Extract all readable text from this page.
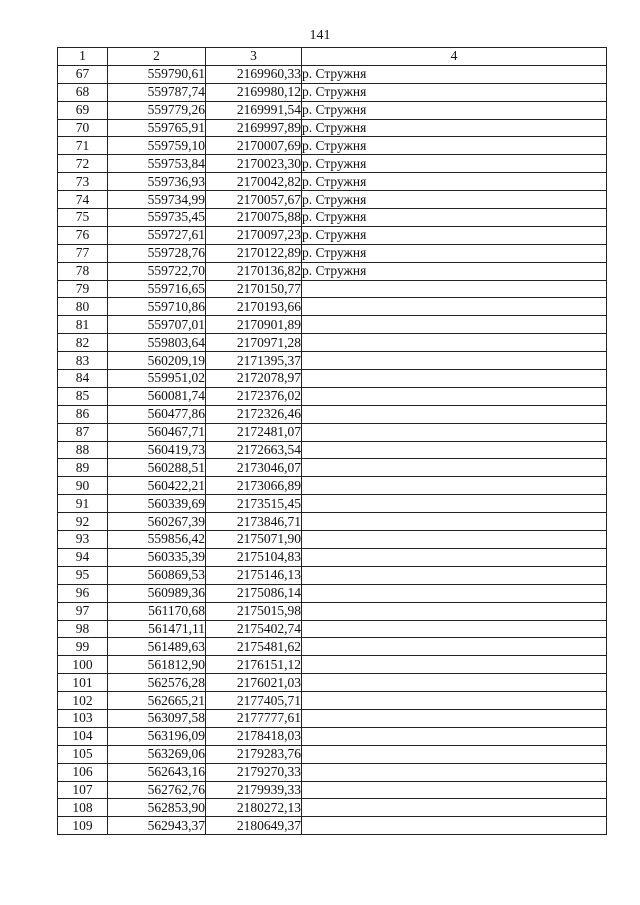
141
1	2	3	4
67	559790,61	2169960,33	р. Стружня
68	559787,74	2169980,12	р. Стружня
69	559779,26	2169991,54	р. Стружня
70	559765,91	2169997,89	р. Стружня
71	559759,10	2170007,69	р. Стружня
72	559753,84	2170023,30	р. Стружня
73	559736,93	2170042,82	р. Стружня
74	559734,99	2170057,67	р. Стружня
75	559735,45	2170075,88	р. Стружня
76	559727,61	2170097,23	р. Стружня
77	559728,76	2170122,89	р. Стружня
78	559722,70	2170136,82	р. Стружня
79	559716,65	2170150,77	
80	559710,86	2170193,66	
81	559707,01	2170901,89	
82	559803,64	2170971,28	
83	560209,19	2171395,37	
84	559951,02	2172078,97	
85	560081,74	2172376,02	
86	560477,86	2172326,46	
87	560467,71	2172481,07	
88	560419,73	2172663,54	
89	560288,51	2173046,07	
90	560422,21	2173066,89	
91	560339,69	2173515,45	
92	560267,39	2173846,71	
93	559856,42	2175071,90	
94	560335,39	2175104,83	
95	560869,53	2175146,13	
96	560989,36	2175086,14	
97	561170,68	2175015,98	
98	561471,11	2175402,74	
99	561489,63	2175481,62	
100	561812,90	2176151,12	
101	562576,28	2176021,03	
102	562665,21	2177405,71	
103	563097,58	2177777,61	
104	563196,09	2178418,03	
105	563269,06	2179283,76	
106	562643,16	2179270,33	
107	562762,76	2179939,33	
108	562853,90	2180272,13	
109	562943,37	2180649,37	
